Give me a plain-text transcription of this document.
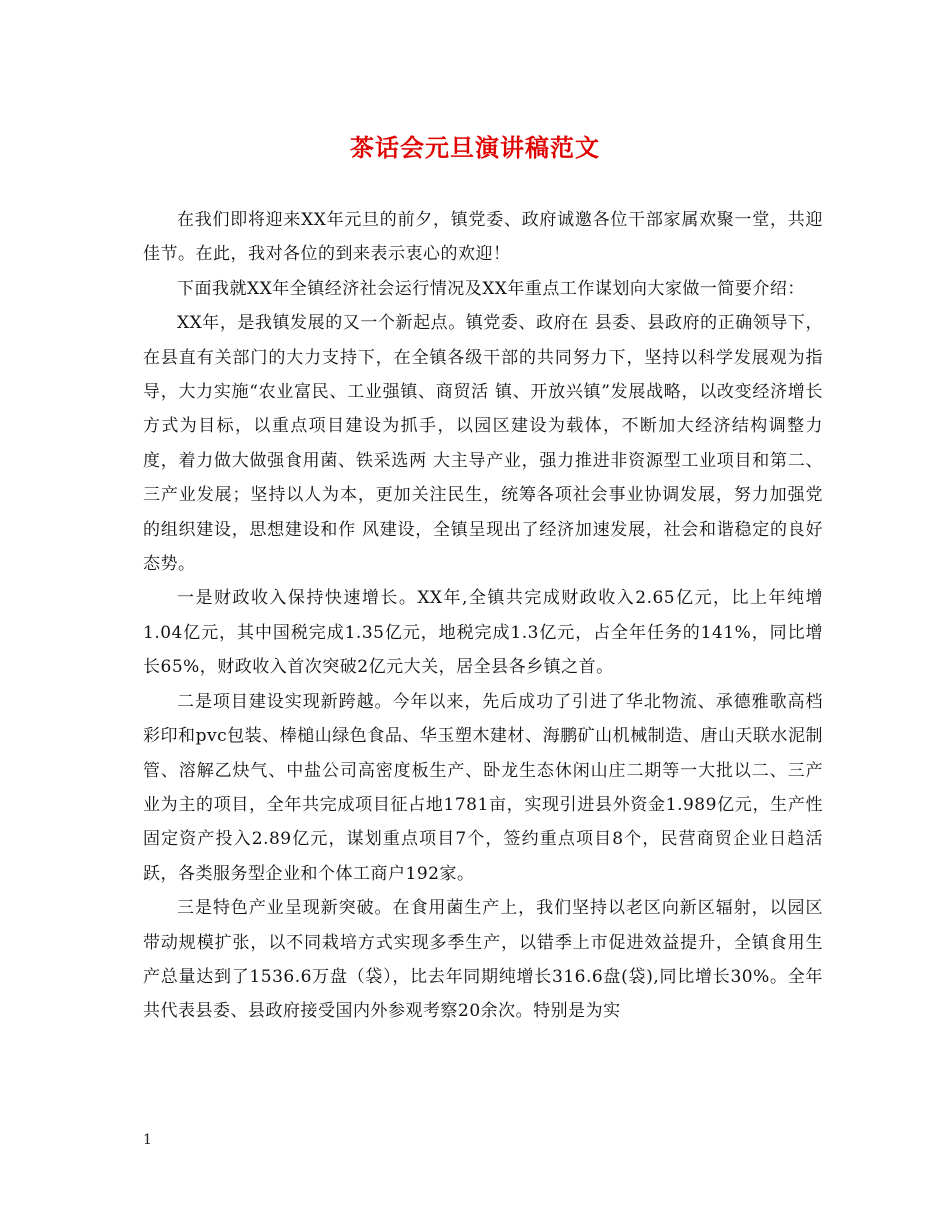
茶话会元旦演讲稿范文

在我们即将迎来XX年元旦的前夕，镇党委、政府诚邀各位干部家属欢聚一堂，共迎佳节。在此，我对各位的到来表示衷心的欢迎！

下面我就XX年全镇经济社会运行情况及XX年重点工作谋划向大家做一简要介绍：

XX年，是我镇发展的又一个新起点。镇党委、政府在 县委、县政府的正确领导下，在县直有关部门的大力支持下，在全镇各级干部的共同努力下，坚持以科学发展观为指导，大力实施“农业富民、工业强镇、商贸活 镇、开放兴镇”发展战略，以改变经济增长方式为目标，以重点项目建设为抓手，以园区建设为载体，不断加大经济结构调整力度，着力做大做强食用菌、铁采选两 大主导产业，强力推进非资源型工业项目和第二、三产业发展；坚持以人为本，更加关注民生，统筹各项社会事业协调发展，努力加强党的组织建设，思想建设和作 风建设，全镇呈现出了经济加速发展，社会和谐稳定的良好态势。

一是财政收入保持快速增长。XX年,全镇共完成财政收入2.65亿元，比上年纯增1.04亿元，其中国税完成1.35亿元，地税完成1.3亿元，占全年任务的141%，同比增长65%，财政收入首次突破2亿元大关，居全县各乡镇之首。

二是项目建设实现新跨越。今年以来，先后成功了引进了华北物流、承德雅歌高档彩印和pvc包装、棒槌山绿色食品、华玉塑木建材、海鹏矿山机械制造、唐山天联水泥制管、溶解乙炔气、中盐公司高密度板生产、卧龙生态休闲山庄二期等一大批以二、三产业为主的项目，全年共完成项目征占地1781亩，实现引进县外资金1.989亿元，生产性固定资产投入2.89亿元，谋划重点项目7个，签约重点项目8个，民营商贸企业日趋活跃，各类服务型企业和个体工商户192家。

三是特色产业呈现新突破。在食用菌生产上，我们坚持以老区向新区辐射，以园区带动规模扩张，以不同栽培方式实现多季生产，以错季上市促进效益提升，全镇食用生产总量达到了1536.6万盘（袋），比去年同期纯增长316.6盘(袋),同比增长30%。全年共代表县委、县政府接受国内外参观考察20余次。特别是为实

1
